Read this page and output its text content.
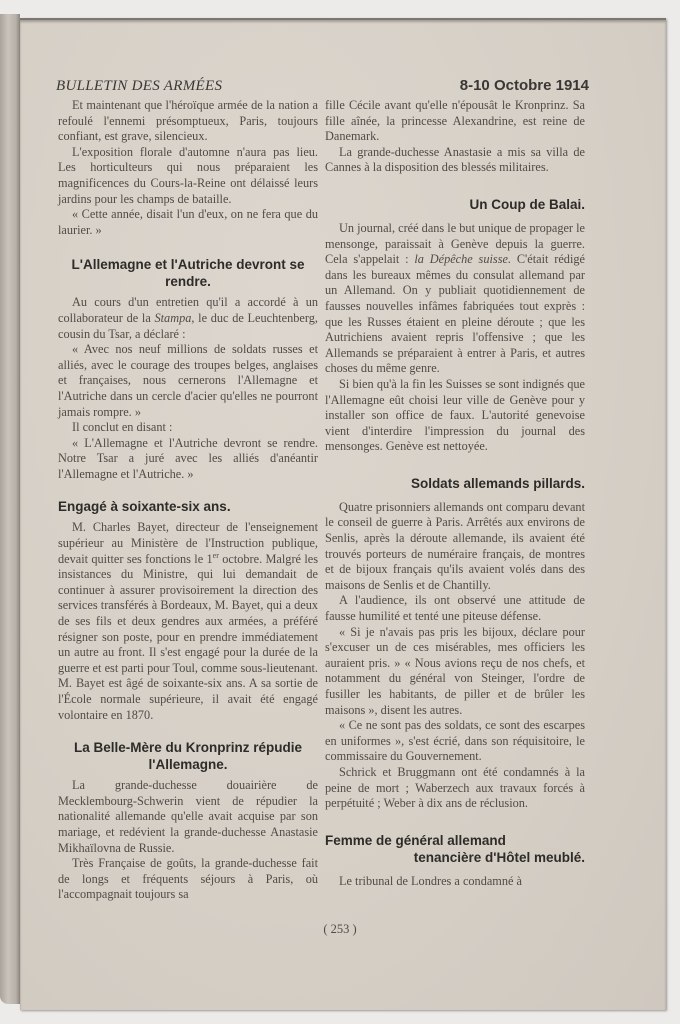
BULLETIN DES ARMÉES	8-10 Octobre 1914

Et maintenant que l'héroïque armée de la nation a refoulé l'ennemi présomptueux, Paris, toujours confiant, est grave, silencieux.

L'exposition florale d'automne n'aura pas lieu. Les horticulteurs qui nous préparaient les magnificences du Cours-la-Reine ont délaissé leurs jardins pour les champs de bataille.

« Cette année, disait l'un d'eux, on ne fera que du laurier. »

L'Allemagne et l'Autriche devront se rendre.

Au cours d'un entretien qu'il a accordé à un collaborateur de la Stampa, le duc de Leuchtenberg, cousin du Tsar, a déclaré :

« Avec nos neuf millions de soldats russes et alliés, avec le courage des troupes belges, anglaises et françaises, nous cernerons l'Allemagne et l'Autriche dans un cercle d'acier qu'elles ne pourront jamais rompre. »

Il conclut en disant :

« L'Allemagne et l'Autriche devront se rendre. Notre Tsar a juré avec les alliés d'anéantir l'Allemagne et l'Autriche. »

Engagé à soixante-six ans.

M. Charles Bayet, directeur de l'enseignement supérieur au Ministère de l'Instruction publique, devait quitter ses fonctions le 1er octobre. Malgré les insistances du Ministre, qui lui demandait de continuer à assurer provisoirement la direction des services transférés à Bordeaux, M. Bayet, qui a deux de ses fils et deux gendres aux armées, a préféré résigner son poste, pour en prendre immédiatement un autre au front. Il s'est engagé pour la durée de la guerre et est parti pour Toul, comme sous-lieutenant. M. Bayet est âgé de soixante-six ans. A sa sortie de l'École normale supérieure, il avait été engagé volontaire en 1870.

La Belle-Mère du Kronprinz répudie l'Allemagne.

La grande-duchesse douairière de Mecklembourg-Schwerin vient de répudier la nationalité allemande qu'elle avait acquise par son mariage, et redévient la grande-duchesse Anastasie Mikhaïlovna de Russie.

Très Française de goûts, la grande-duchesse fait de longs et fréquents séjours à Paris, où l'accompagnait toujours sa

fille Cécile avant qu'elle n'épousât le Kronprinz. Sa fille aînée, la princesse Alexandrine, est reine de Danemark.

La grande-duchesse Anastasie a mis sa villa de Cannes à la disposition des blessés militaires.

Un Coup de Balai.

Un journal, créé dans le but unique de propager le mensonge, paraissait à Genève depuis la guerre. Cela s'appelait : la Dépêche suisse. C'était rédigé dans les bureaux mêmes du consulat allemand par un Allemand. On y publiait quotidiennement de fausses nouvelles infâmes fabriquées tout exprès : que les Russes étaient en pleine déroute ; que les Autrichiens avaient repris l'offensive ; que les Allemands se préparaient à entrer à Paris, et autres choses du même genre.

Si bien qu'à la fin les Suisses se sont indignés que l'Allemagne eût choisi leur ville de Genève pour y installer son office de faux. L'autorité genevoise vient d'interdire l'impression du journal des mensonges. Genève est nettoyée.

Soldats allemands pillards.

Quatre prisonniers allemands ont comparu devant le conseil de guerre à Paris. Arrêtés aux environs de Senlis, après la déroute allemande, ils avaient été trouvés porteurs de numéraire français, de montres et de bijoux français qu'ils avaient volés dans des maisons de Senlis et de Chantilly.

A l'audience, ils ont observé une attitude de fausse humilité et tenté une piteuse défense.

« Si je n'avais pas pris les bijoux, déclare pour s'excuser un de ces misérables, mes officiers les auraient pris. » « Nous avions reçu de nos chefs, et notamment du général von Steinger, l'ordre de fusiller les habitants, de piller et de brûler les maisons », disent les autres.

« Ce ne sont pas des soldats, ce sont des escarpes en uniformes », s'est écrié, dans son réquisitoire, le commissaire du Gouvernement.

Schrick et Bruggmann ont été condamnés à la peine de mort ; Waberzech aux travaux forcés à perpétuité ; Weber à dix ans de réclusion.

Femme de général allemand
tenancière d'Hôtel meublé.

Le tribunal de Londres a condamné à

( 253 )
